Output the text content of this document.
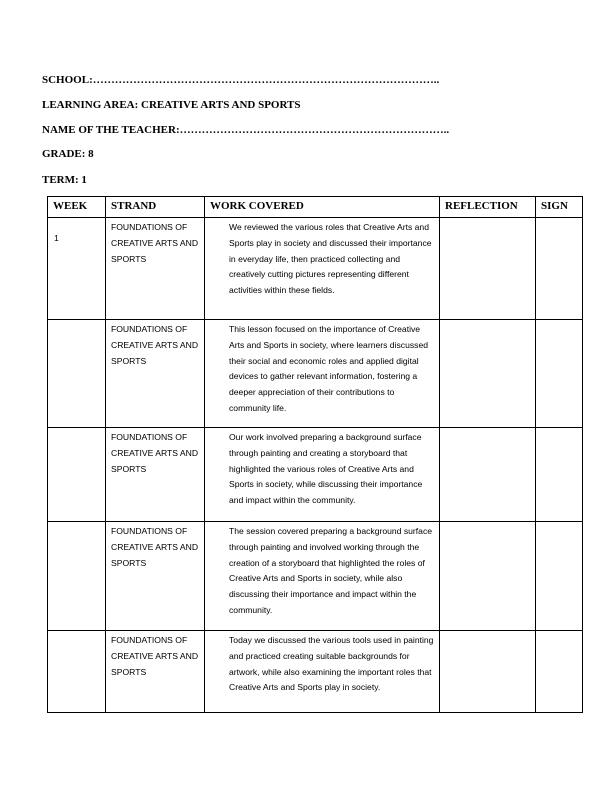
SCHOOL:…………………………………………………………………………………..
LEARNING AREA: CREATIVE ARTS AND SPORTS
NAME OF THE TEACHER:………………………………………………………………..
GRADE: 8
TERM: 1
WEEK	STRAND	WORK COVERED	REFLECTION	SIGN
1	FOUNDATIONS OF CREATIVE ARTS AND SPORTS	We reviewed the various roles that Creative Arts and Sports play in society and discussed their importance in everyday life, then practiced collecting and creatively cutting pictures representing different activities within these fields.		
	FOUNDATIONS OF CREATIVE ARTS AND SPORTS	This lesson focused on the importance of Creative Arts and Sports in society, where learners discussed their social and economic roles and applied digital devices to gather relevant information, fostering a deeper appreciation of their contributions to community life.		
	FOUNDATIONS OF CREATIVE ARTS AND SPORTS	Our work involved preparing a background surface through painting and creating a storyboard that highlighted the various roles of Creative Arts and Sports in society, while discussing their importance and impact within the community.		
	FOUNDATIONS OF CREATIVE ARTS AND SPORTS	The session covered preparing a background surface through painting and involved working through the creation of a storyboard that highlighted the roles of Creative Arts and Sports in society, while also discussing their importance and impact within the community.		
	FOUNDATIONS OF CREATIVE ARTS AND SPORTS	Today we discussed the various tools used in painting and practiced creating suitable backgrounds for artwork, while also examining the important roles that Creative Arts and Sports play in society.		
